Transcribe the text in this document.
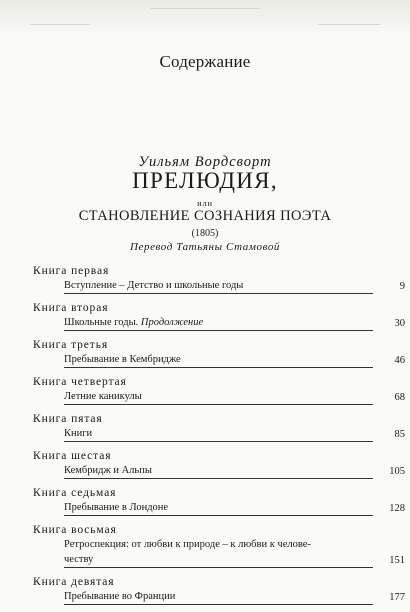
Содержание
Уильям Вордсворт
ПРЕЛЮДИЯ,
или
СТАНОВЛЕНИЕ СОЗНАНИЯ ПОЭТА
(1805)
Перевод Татьяны Стамовой
Книга первая
Вступление – Детство и школьные годы	9
Книга вторая
Школьные годы. Продолжение	30
Книга третья
Пребывание в Кембридже	46
Книга четвертая
Летние каникулы	68
Книга пятая
Книги	85
Книга шестая
Кембридж и Альпы	105
Книга седьмая
Пребывание в Лондоне	128
Книга восьмая
Ретроспекция: от любви к природе – к любви к челове-
честву	151
Книга девятая
Пребывание во Франции	177
